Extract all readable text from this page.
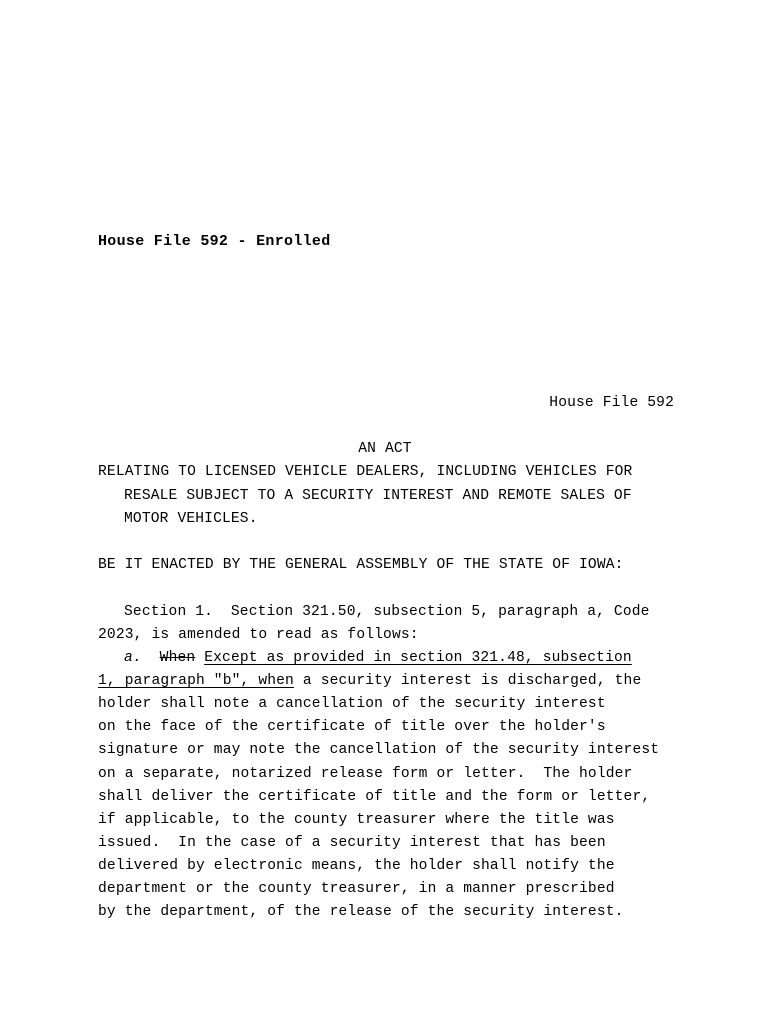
House File 592 - Enrolled
House File 592
AN ACT
RELATING TO LICENSED VEHICLE DEALERS, INCLUDING VEHICLES FOR
RESALE SUBJECT TO A SECURITY INTEREST AND REMOTE SALES OF
MOTOR VEHICLES.
BE IT ENACTED BY THE GENERAL ASSEMBLY OF THE STATE OF IOWA:
Section 1.  Section 321.50, subsection 5, paragraph a, Code
2023, is amended to read as follows:
a. When Except as provided in section 321.48, subsection
1, paragraph "b", when a security interest is discharged, the
holder shall note a cancellation of the security interest
on the face of the certificate of title over the holder's
signature or may note the cancellation of the security interest
on a separate, notarized release form or letter.  The holder
shall deliver the certificate of title and the form or letter,
if applicable, to the county treasurer where the title was
issued.  In the case of a security interest that has been
delivered by electronic means, the holder shall notify the
department or the county treasurer, in a manner prescribed
by the department, of the release of the security interest.
